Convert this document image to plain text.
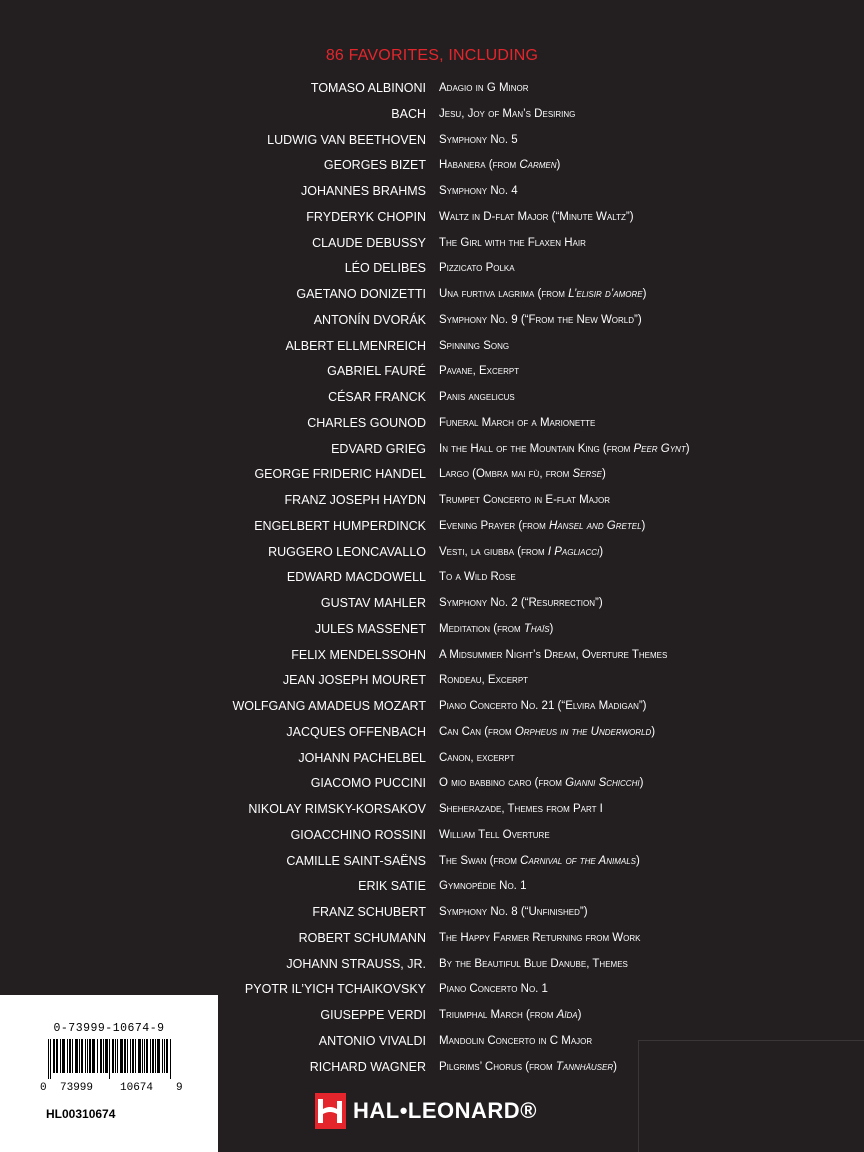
86 FAVORITES, INCLUDING
TOMASO ALBINONI Adagio in G Minor
BACH Jesu, Joy of Man’s Desiring
LUDWIG VAN BEETHOVEN Symphony No. 5
GEORGES BIZET Habanera (from Carmen)
JOHANNES BRAHMS Symphony No. 4
FRYDERYK CHOPIN Waltz in D-flat Major (“Minute Waltz”)
CLAUDE DEBUSSY The Girl with the Flaxen Hair
LÉO DELIBES Pizzicato Polka
GAETANO DONIZETTI Una furtiva lagrima (from L’elisir d’amore)
ANTONÍN DVORÁK Symphony No. 9 (“From the New World”)
ALBERT ELLMENREICH Spinning Song
GABRIEL FAURÉ Pavane, Excerpt
CÉSAR FRANCK Panis angelicus
CHARLES GOUNOD Funeral March of a Marionette
EDVARD GRIEG In the Hall of the Mountain King (from Peer Gynt)
GEORGE FRIDERIC HANDEL Largo (Ombra mai fù, from Serse)
FRANZ JOSEPH HAYDN Trumpet Concerto in E-flat Major
ENGELBERT HUMPERDINCK Evening Prayer (from Hansel and Gretel)
RUGGERO LEONCAVALLO Vesti, la giubba (from I Pagliacci)
EDWARD MACDOWELL To a Wild Rose
GUSTAV MAHLER Symphony No. 2 (“Resurrection”)
JULES MASSENET Meditation (from Thaïs)
FELIX MENDELSSOHN A Midsummer Night’s Dream, Overture Themes
JEAN JOSEPH MOURET Rondeau, Excerpt
WOLFGANG AMADEUS MOZART Piano Concerto No. 21 (“Elvira Madigan”)
JACQUES OFFENBACH Can Can (from Orpheus in the Underworld)
JOHANN PACHELBEL Canon, excerpt
GIACOMO PUCCINI O mio babbino caro (from Gianni Schicchi)
NIKOLAY RIMSKY-KORSAKOV Sheherazade, Themes from Part I
GIOACCHINO ROSSINI William Tell Overture
CAMILLE SAINT-SAËNS The Swan (from Carnival of the Animals)
ERIK SATIE Gymnopédie No. 1
FRANZ SCHUBERT Symphony No. 8 (“Unfinished”)
ROBERT SCHUMANN The Happy Farmer Returning from Work
JOHANN STRAUSS, JR. By the Beautiful Blue Danube, Themes
PYOTR IL’YICH TCHAIKOVSKY Piano Concerto No. 1
GIUSEPPE VERDI Triumphal March (from Aïda)
ANTONIO VIVALDI Mandolin Concerto in C Major
RICHARD WAGNER Pilgrims’ Chorus (from Tannhäuser)
0-73999-10674-9
0 73999 10674 9
HL00310674	HAL•LEONARD®
